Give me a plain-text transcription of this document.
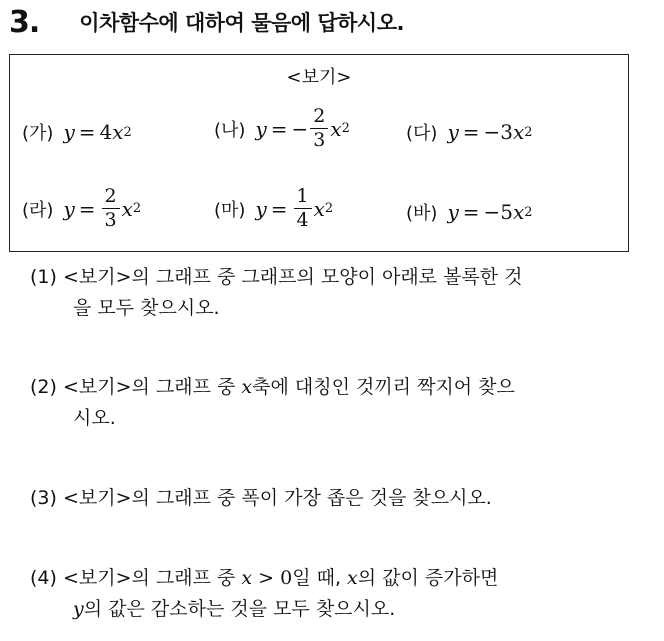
3. 이차함수에 대하여 물음에 답하시오.
<보기>
(가) y = 4 x 2	(나) y = − $\frac{2}{3}$ x 2	(다) y = − 3 x 2
(라) $y = \frac{2}{3}$ x 2	(마) $y = \frac{1}{4}$ x 2	(바) y = − 5 x 2
(1) <보기>의 그래프 중 그래프의 모양이 아래로 볼록한 것
을 모두 찾으시오.
(2) <보기>의 그래프 중 x축에 대칭인 것끼리 짝지어 찾으
시오.
(3) <보기>의 그래프 중 폭이 가장 좁은 것을 찾으시오.
(4) <보기>의 그래프 중 x > 0일 때, x의 값이 증가하면
y의 값은 감소하는 것을 모두 찾으시오.
